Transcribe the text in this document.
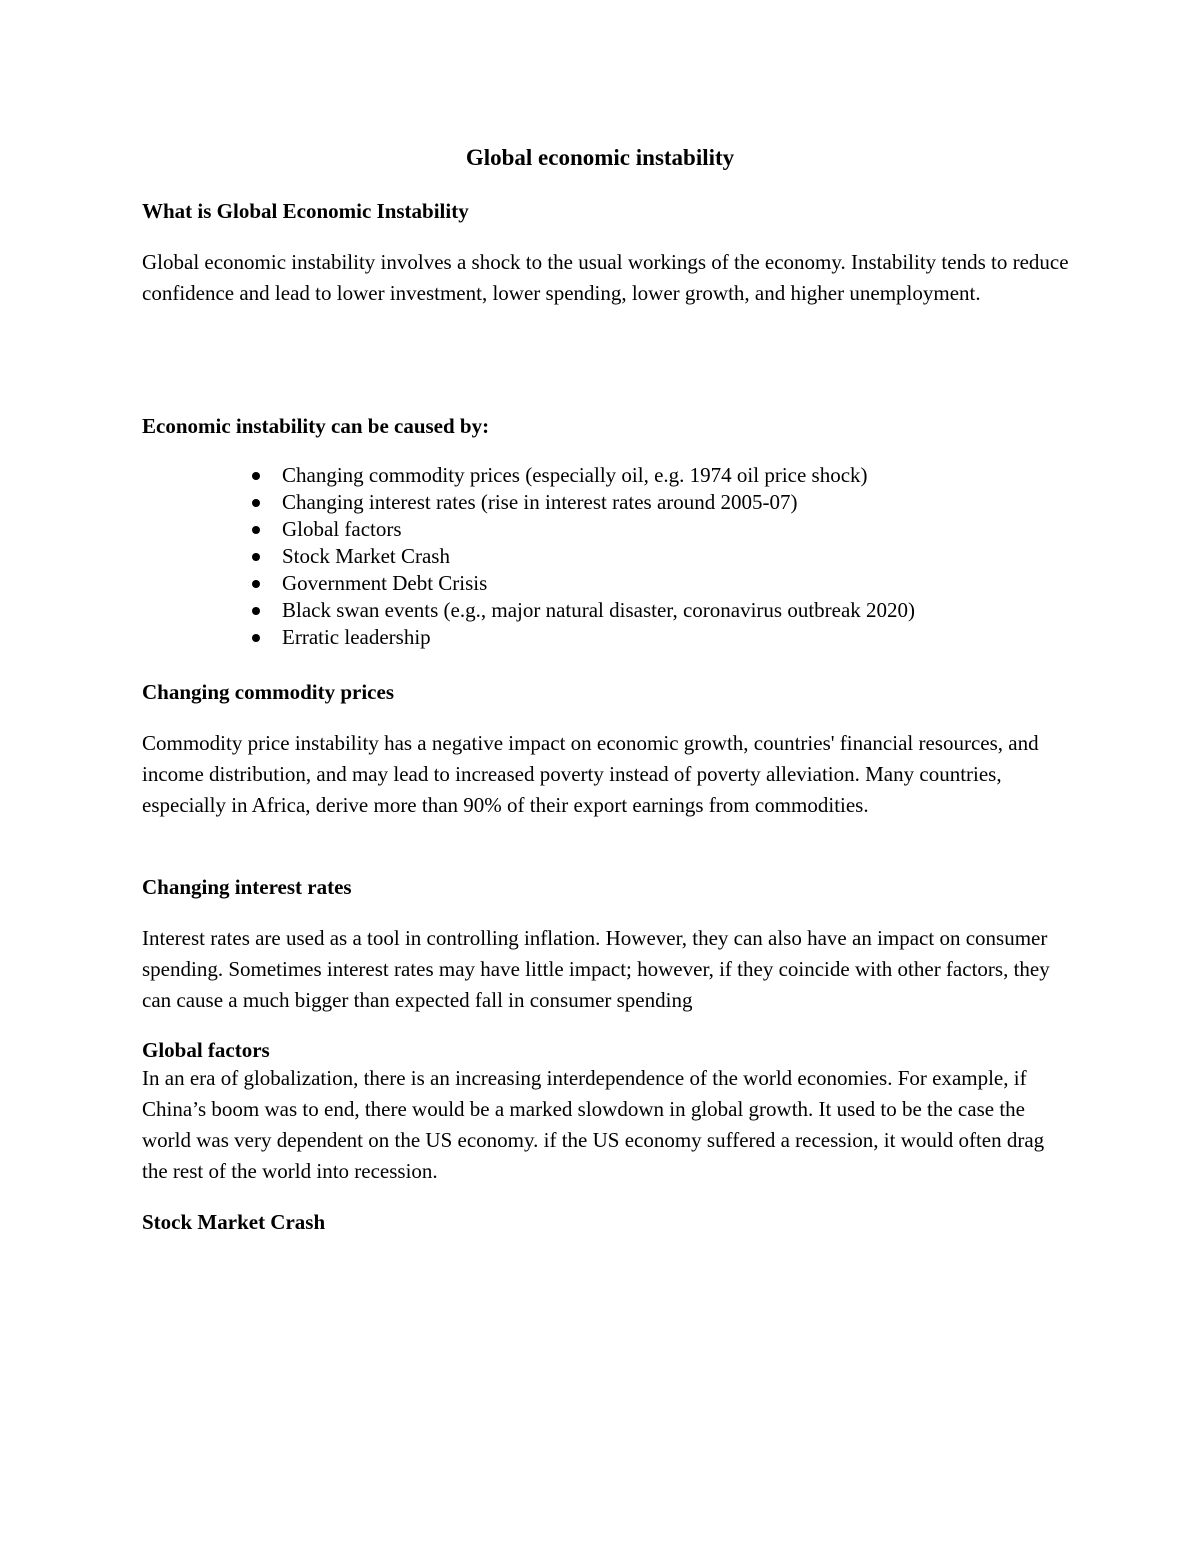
Global economic instability
What is Global Economic Instability
Global economic instability involves a shock to the usual workings of the economy. Instability tends to reduce confidence and lead to lower investment, lower spending, lower growth, and higher unemployment.
Economic instability can be caused by:
Changing commodity prices (especially oil, e.g. 1974 oil price shock)
Changing interest rates (rise in interest rates around 2005-07)
Global factors
Stock Market Crash
Government Debt Crisis
Black swan events (e.g., major natural disaster, coronavirus outbreak 2020)
Erratic leadership
Changing commodity prices
Commodity price instability has a negative impact on economic growth, countries' financial resources, and income distribution, and may lead to increased poverty instead of poverty alleviation. Many countries, especially in Africa, derive more than 90% of their export earnings from commodities.
Changing interest rates
Interest rates are used as a tool in controlling inflation. However, they can also have an impact on consumer spending. Sometimes interest rates may have little impact; however, if they coincide with other factors, they can cause a much bigger than expected fall in consumer spending
Global factors
In an era of globalization, there is an increasing interdependence of the world economies. For example, if China’s boom was to end, there would be a marked slowdown in global growth. It used to be the case the world was very dependent on the US economy. if the US economy suffered a recession, it would often drag the rest of the world into recession.
Stock Market Crash
